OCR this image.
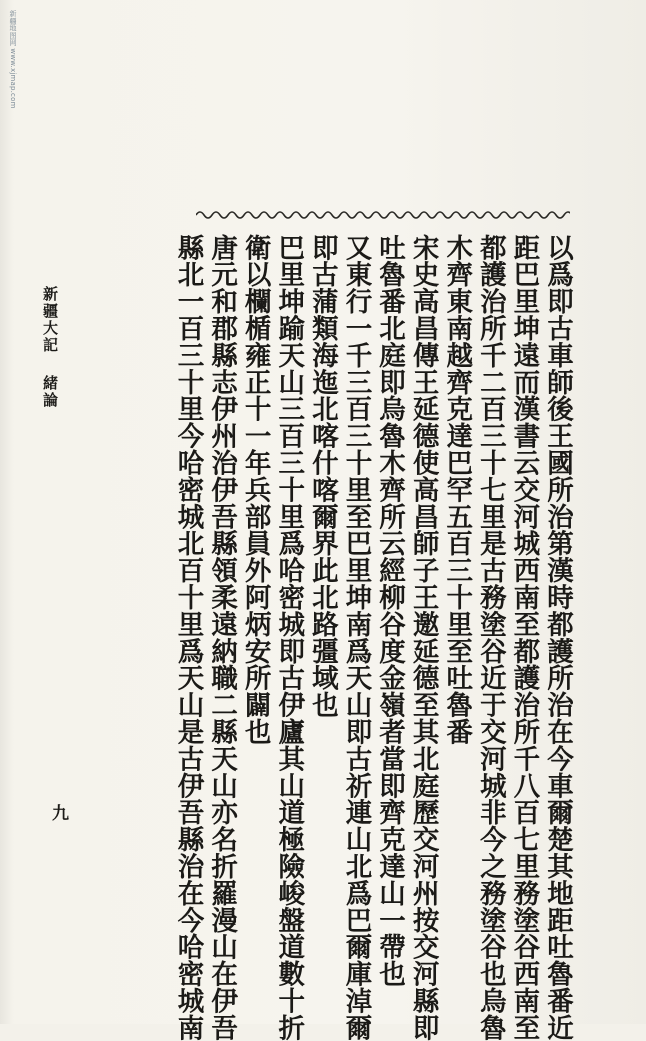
新疆地图网 www.xjmap.com

以爲即古車師後王國所治第漢時都護所治在今車爾楚其地距吐魯番近

距巴里坤遠而漢書云交河城西南至都護治所千八百七里務塗谷西南至

都護治所千二百三十七里是古務塗谷近于交河城非今之務塗谷也烏魯

木齊東南越齊克達巴罕五百三十里至吐魯番

宋史高昌傳王延德使高昌師子王邀延德至其北庭歷交河州按交河縣即

吐魯番北庭即烏魯木齊所云經柳谷度金嶺者當即齊克達山一帶也

又東行一千三百三十里至巴里坤南爲天山即古祈連山北爲巴爾庫淖爾

即古蒲類海迤北喀什喀爾界此北路彊域也

巴里坤踰天山三百三十里爲哈密城即古伊廬其山道極險峻盤道數十折

衛以欄楯雍正十一年兵部員外阿炳安所闢也

唐元和郡縣志伊州治伊吾縣領柔遠納職二縣天山亦名折羅漫山在伊吾

縣北一百三十里今哈密城北百十里爲天山是古伊吾縣治在今哈密城南

新疆大記 緒論
九
